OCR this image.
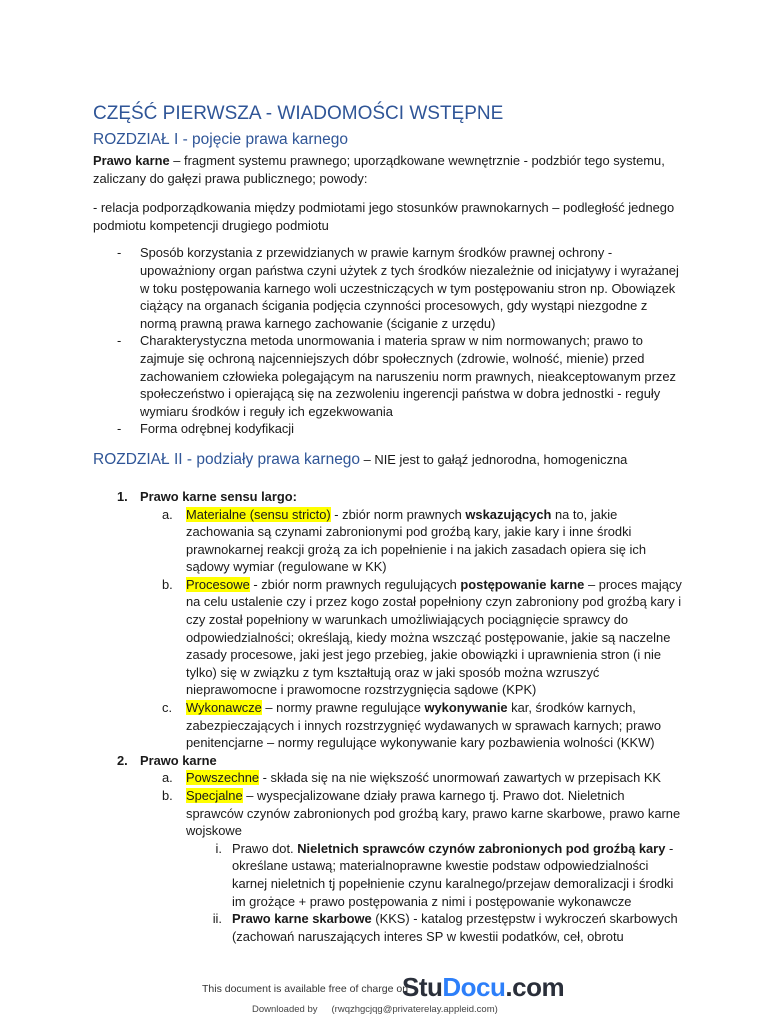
CZĘŚĆ PIERWSZA - WIADOMOŚCI WSTĘPNE
ROZDZIAŁ I - pojęcie prawa karnego

Prawo karne – fragment systemu prawnego; uporządkowane wewnętrznie - podzbiór tego systemu, zaliczany do gałęzi prawa publicznego; powody:

- relacja podporządkowania między podmiotami jego stosunków prawnokarnych – podległość jednego podmiotu kompetencji drugiego podmiotu

- Sposób korzystania z przewidzianych w prawie karnym środków prawnej ochrony - upoważniony organ państwa czyni użytek z tych środków niezależnie od inicjatywy i wyrażanej w toku postępowania karnego woli uczestniczących w tym postępowaniu stron np. Obowiązek ciążący na organach ścigania podjęcia czynności procesowych, gdy wystąpi niezgodne z normą prawną prawa karnego zachowanie (ściganie z urzędu)
- Charakterystyczna metoda unormowania i materia spraw w nim normowanych; prawo to zajmuje się ochroną najcenniejszych dóbr społecznych (zdrowie, wolność, mienie) przed zachowaniem człowieka polegającym na naruszeniu norm prawnych, nieakceptowanym przez społeczeństwo i opierającą się na zezwoleniu ingerencji państwa w dobra jednostki - reguły wymiaru środków i reguły ich egzekwowania
- Forma odrębnej kodyfikacji
ROZDZIAŁ II - podziały prawa karnego – NIE jest to gałąź jednorodna, homogeniczna
1. Prawo karne sensu largo:
a. Materialne (sensu stricto) - zbiór norm prawnych wskazujących na to, jakie zachowania są czynami zabronionymi pod groźbą kary, jakie kary i inne środki prawnokarnej reakcji grożą za ich popełnienie i na jakich zasadach opiera się ich sądowy wymiar (regulowane w KK)
b. Procesowe - zbiór norm prawnych regulujących postępowanie karne – proces mający na celu ustalenie czy i przez kogo został popełniony czyn zabroniony pod groźbą kary i czy został popełniony w warunkach umożliwiających pociągnięcie sprawcy do odpowiedzialności; określają, kiedy można wszcząć postępowanie, jakie są naczelne zasady procesowe, jaki jest jego przebieg, jakie obowiązki i uprawnienia stron (i nie tylko) się w związku z tym kształtują oraz w jaki sposób można wzruszyć nieprawomocne i prawomocne rozstrzygnięcia sądowe (KPK)
c. Wykonawcze – normy prawne regulujące wykonywanie kar, środków karnych, zabezpieczających i innych rozstrzygnięć wydawanych w sprawach karnych; prawo penitencjarne – normy regulujące wykonywanie kary pozbawienia wolności (KKW)
2. Prawo karne
a. Powszechne - składa się na nie większość unormowań zawartych w przepisach KK
b. Specjalne – wyspecjalizowane działy prawa karnego tj. Prawo dot. Nieletnich sprawców czynów zabronionych pod groźbą kary, prawo karne skarbowe, prawo karne wojskowe
i. Prawo dot. Nieletnich sprawców czynów zabronionych pod groźbą kary - określane ustawą; materialnoprawne kwestie podstaw odpowiedzialności karnej nieletnich tj popełnienie czynu karalnego/przejaw demoralizacji i środki im grożące + prawo postępowania z nimi i postępowanie wykonawcze
ii. Prawo karne skarbowe (KKS) - katalog przestępstw i wykroczeń skarbowych (zachowań naruszających interes SP w kwestii podatków, ceł, obrotu
This document is available free of charge on
StuDocu.com
Downloaded by (rwqzhgcjqg@privaterelay.appleid.com)
